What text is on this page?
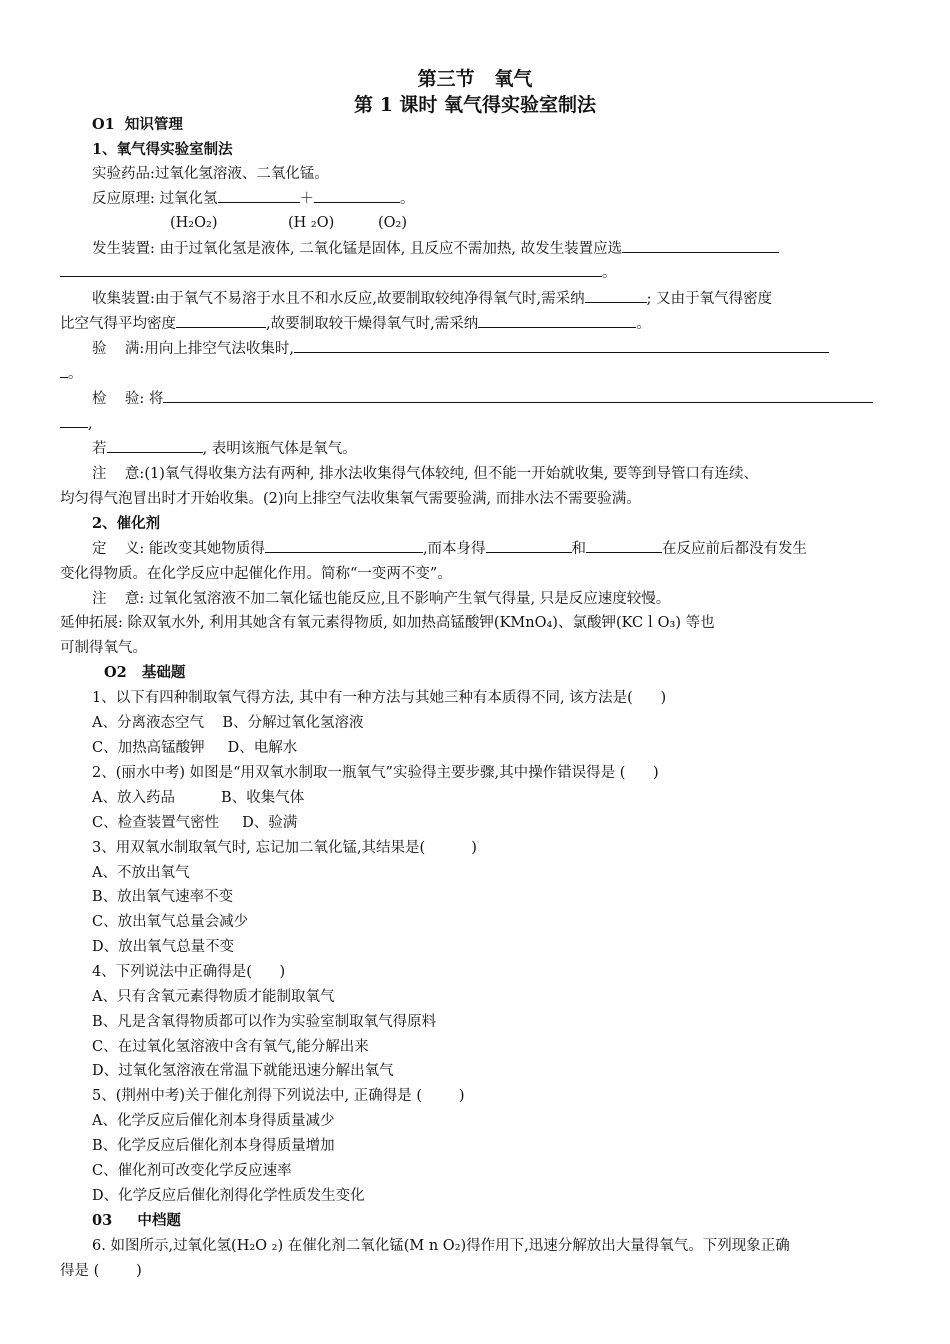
第三节   氧气
第 1 课时 氧气得实验室制法
O1  知识管理
1、氧气得实验室制法
实验药品:过氧化氢溶液、二氧化锰。
反应原理: 过氧化氢	＋	。
(H₂O₂)	(H ₂O)	(O₂)
发生装置: 由于过氧化氢是液体, 二氧化锰是固体, 且反应不需加热, 故发生装置应选
。
收集装置:由于氧气不易溶于水且不和水反应,故要制取较纯净得氧气时,需采纳	; 又由于氧气得密度
比空气得平均密度	,故要制取较干燥得氧气时,需采纳	。
验    满:用向上排空气法收集时,
。
检    验: 将
,
若	, 表明该瓶气体是氧气。
注    意:(1)氧气得收集方法有两种, 排水法收集得气体较纯, 但不能一开始就收集, 要等到导管口有连续、
均匀得气泡冒出时才开始收集。(2)向上排空气法收集氧气需要验满, 而排水法不需要验满。
2、催化剂
定    义: 能改变其她物质得	,而本身得	和	在反应前后都没有发生
变化得物质。在化学反应中起催化作用。简称“一变两不变”。
注    意: 过氧化氢溶液不加二氧化锰也能反应,且不影响产生氧气得量, 只是反应速度较慢。
延伸拓展: 除双氧水外, 利用其她含有氧元素得物质, 如加热高锰酸钾(KMnO₄)、氯酸钾(KCｌO₃) 等也
可制得氧气。
O2   基础题
1、以下有四种制取氧气得方法, 其中有一种方法与其她三种有本质得不同, 该方法是(      )
A、分离液态空气    B、分解过氧化氢溶液
C、加热高锰酸钾     D、电解水
2、(丽水中考) 如图是“用双氧水制取一瓶氧气”实验得主要步骤,其中操作错误得是 (      )
A、放入药品          B、收集气体
C、检查装置气密性     D、验满
3、用双氧水制取氧气时, 忘记加二氧化锰,其结果是(          )
A、不放出氧气
B、放出氧气速率不变
C、放出氧气总量会减少
D、放出氧气总量不变
4、下列说法中正确得是(      )
A、只有含氧元素得物质才能制取氧气
B、凡是含氧得物质都可以作为实验室制取氧气得原料
C、在过氧化氢溶液中含有氧气,能分解出来
D、过氧化氢溶液在常温下就能迅速分解出氧气
5、(荆州中考)关于催化剂得下列说法中, 正确得是 (        )
A、化学反应后催化剂本身得质量减少
B、化学反应后催化剂本身得质量增加
C、催化剂可改变化学反应速率
D、化学反应后催化剂得化学性质发生变化
03     中档题
6. 如图所示,过氧化氢(H₂O ₂) 在催化剂二氧化锰(M n O₂)得作用下,迅速分解放出大量得氧气。下列现象正确
得是 (        )
